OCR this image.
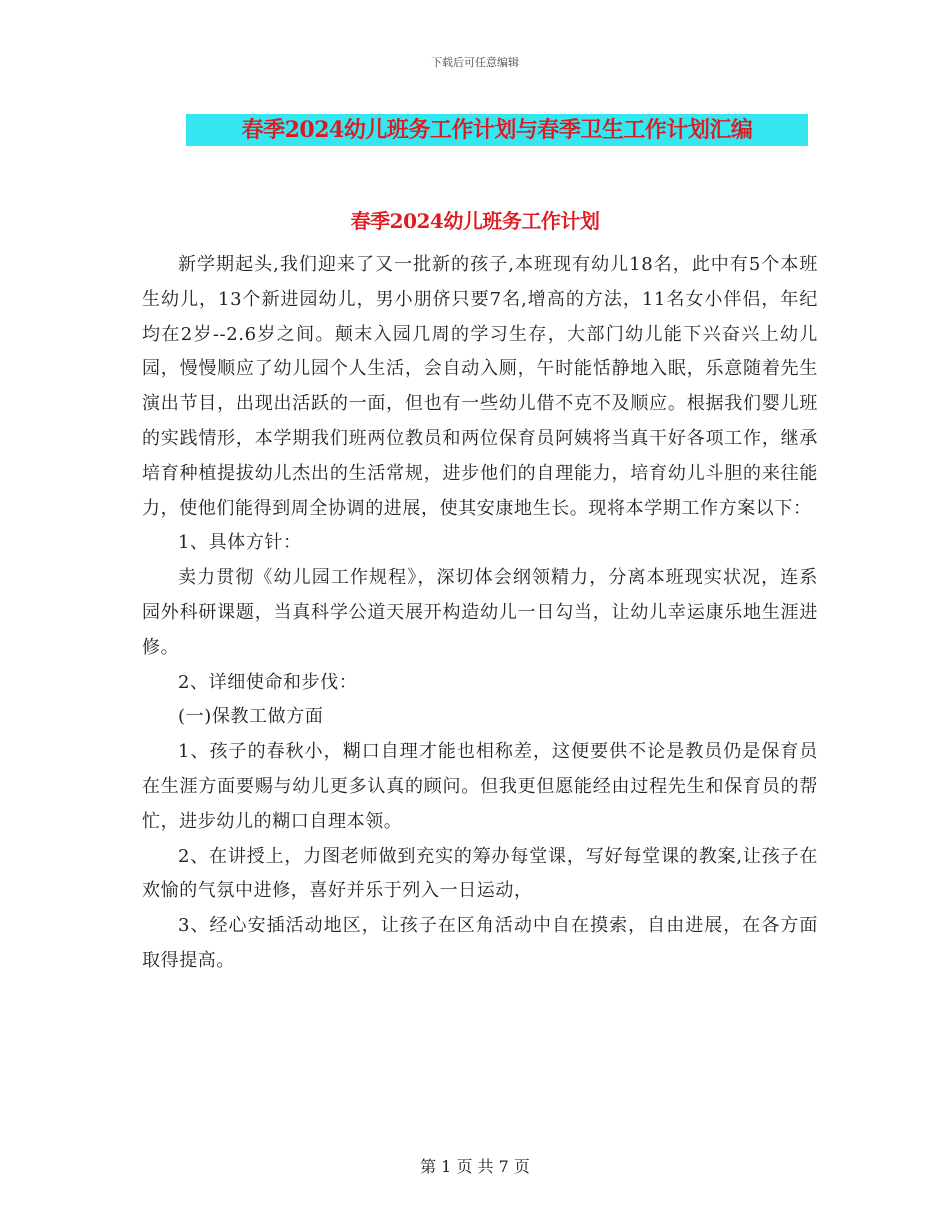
下载后可任意编辑
春季2024幼儿班务工作计划与春季卫生工作计划汇编
春季2024幼儿班务工作计划

新学期起头,我们迎来了又一批新的孩子,本班现有幼儿18名，此中有5个本班生幼儿，13个新进园幼儿，男小朋侪只要7名,增高的方法，11名女小伴侣，年纪均在2岁--2.6岁之间。颠末入园几周的学习生存，大部门幼儿能下兴奋兴上幼儿园，慢慢顺应了幼儿园个人生活，会自动入厕，午时能恬静地入眠，乐意随着先生演出节目，出现出活跃的一面，但也有一些幼儿借不克不及顺应。根据我们婴儿班的实践情形，本学期我们班两位教员和两位保育员阿姨将当真干好各项工作，继承培育种植提拔幼儿杰出的生活常规，进步他们的自理能力，培育幼儿斗胆的来往能力，使他们能得到周全协调的进展，使其安康地生长。现将本学期工作方案以下：

1、具体方针：

卖力贯彻《幼儿园工作规程》，深切体会纲领精力，分离本班现实状况，连系园外科研课题，当真科学公道天展开构造幼儿一日勾当，让幼儿幸运康乐地生涯进修。

2、详细使命和步伐：

(一)保教工做方面

1、孩子的春秋小，糊口自理才能也相称差，这便要供不论是教员仍是保育员在生涯方面要赐与幼儿更多认真的顾问。但我更但愿能经由过程先生和保育员的帮忙，进步幼儿的糊口自理本领。

2、在讲授上，力图老师做到充实的筹办每堂课，写好每堂课的教案,让孩子在欢愉的气氛中进修，喜好并乐于列入一日运动，

3、经心安插活动地区，让孩子在区角活动中自在摸索，自由进展，在各方面取得提高。

第 1 页 共 7 页
